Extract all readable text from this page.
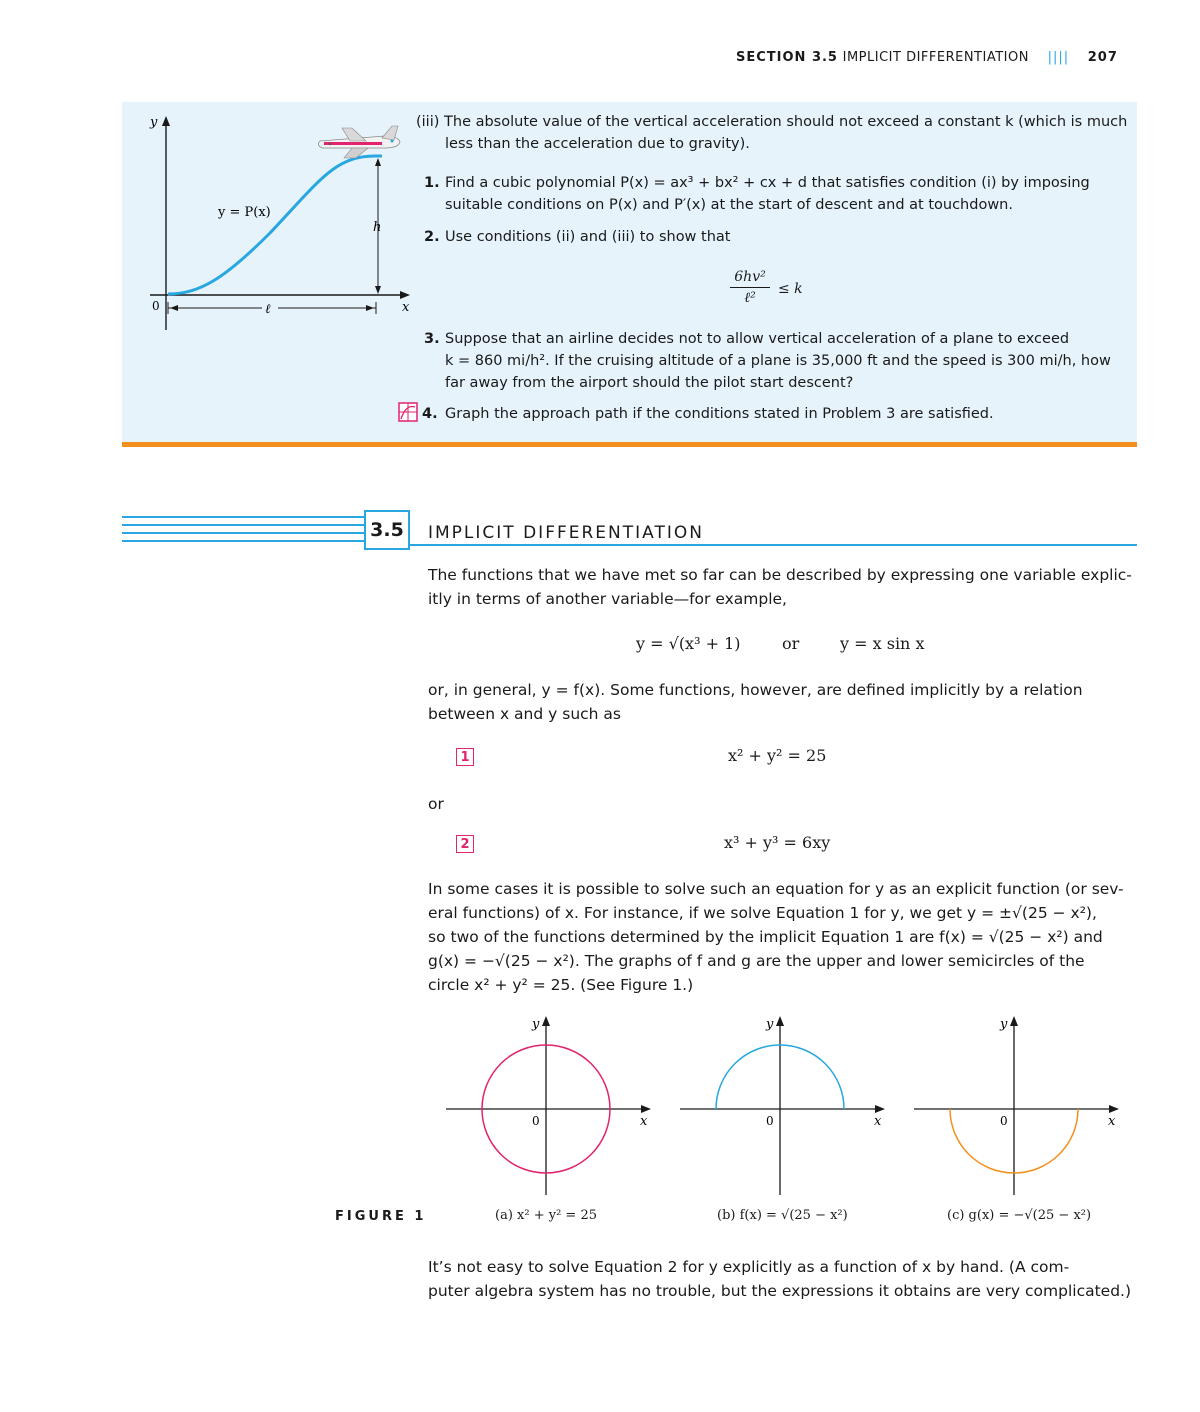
SECTION 3.5 IMPLICIT DIFFERENTIATION |||| 207
y
x
0
y = P(x)
h
ℓ
(iii) The absolute value of the vertical acceleration should not exceed a constant k (which is much
less than the acceleration due to gravity).
1. Find a cubic polynomial P(x) = ax³ + bx² + cx + d that satisfies condition (i) by imposing
suitable conditions on P(x) and P′(x) at the start of descent and at touchdown.
2. Use conditions (ii) and (iii) to show that
6hv²
ℓ²
≤ k
3. Suppose that an airline decides not to allow vertical acceleration of a plane to exceed
k = 860 mi/h². If the cruising altitude of a plane is 35,000 ft and the speed is 300 mi/h, how
far away from the airport should the pilot start descent?
4. Graph the approach path if the conditions stated in Problem 3 are satisfied.
3.5 IMPLICIT DIFFERENTIATION
The functions that we have met so far can be described by expressing one variable explic-
itly in terms of another variable—for example,
y = √(x³ + 1)	or	y = x sin x
or, in general, y = f(x). Some functions, however, are defined implicitly by a relation
between x and y such as
1	x² + y² = 25
or
2	x³ + y³ = 6xy
In some cases it is possible to solve such an equation for y as an explicit function (or sev-
eral functions) of x. For instance, if we solve Equation 1 for y, we get y = ±√(25 − x²),
so two of the functions determined by the implicit Equation 1 are f(x) = √(25 − x²) and
g(x) = −√(25 − x²). The graphs of f and g are the upper and lower semicircles of the
circle x² + y² = 25. (See Figure 1.)
y
x
0
y
x
0
y
x
0
FIGURE 1	(a) x² + y² = 25	(b) f(x) = √(25 − x²)	(c) g(x) = −√(25 − x²)
It’s not easy to solve Equation 2 for y explicitly as a function of x by hand. (A com-
puter algebra system has no trouble, but the expressions it obtains are very complicated.)
